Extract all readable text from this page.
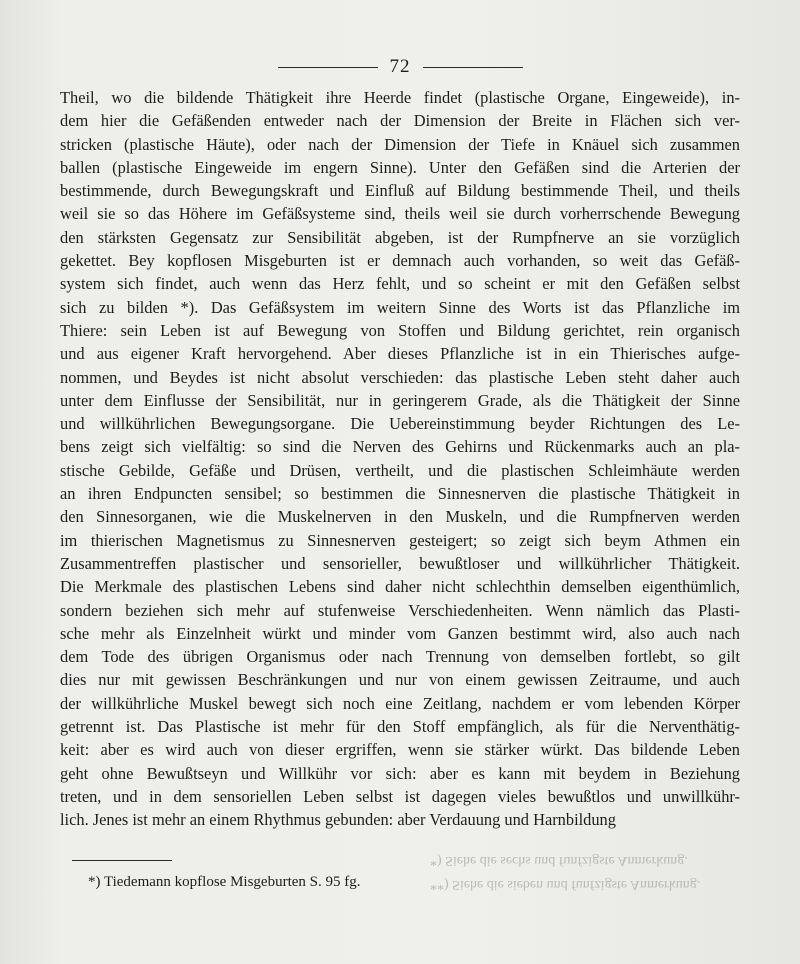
72
Theil, wo die bildende Thätigkeit ihre Heerde findet (plastische Organe, Eingeweide), in-
dem hier die Gefäßenden entweder nach der Dimension der Breite in Flächen sich ver-
stricken (plastische Häute), oder nach der Dimension der Tiefe in Knäuel sich zusammen
ballen (plastische Eingeweide im engern Sinne). Unter den Gefäßen sind die Arterien der
bestimmende, durch Bewegungskraft und Einfluß auf Bildung bestimmende Theil, und theils
weil sie so das Höhere im Gefäßsysteme sind, theils weil sie durch vorherrschende Bewegung
den stärksten Gegensatz zur Sensibilität abgeben, ist der Rumpfnerve an sie vorzüglich
gekettet. Bey kopflosen Misgeburten ist er demnach auch vorhanden, so weit das Gefäß-
system sich findet, auch wenn das Herz fehlt, und so scheint er mit den Gefäßen selbst
sich zu bilden *). Das Gefäßsystem im weitern Sinne des Worts ist das Pflanzliche im
Thiere: sein Leben ist auf Bewegung von Stoffen und Bildung gerichtet, rein organisch
und aus eigener Kraft hervorgehend. Aber dieses Pflanzliche ist in ein Thierisches aufge-
nommen, und Beydes ist nicht absolut verschieden: das plastische Leben steht daher auch
unter dem Einflusse der Sensibilität, nur in geringerem Grade, als die Thätigkeit der Sinne
und willkührlichen Bewegungsorgane. Die Uebereinstimmung beyder Richtungen des Le-
bens zeigt sich vielfältig: so sind die Nerven des Gehirns und Rückenmarks auch an pla-
stische Gebilde, Gefäße und Drüsen, vertheilt, und die plastischen Schleimhäute werden
an ihren Endpuncten sensibel; so bestimmen die Sinnesnerven die plastische Thätigkeit in
den Sinnesorganen, wie die Muskelnerven in den Muskeln, und die Rumpfnerven werden
im thierischen Magnetismus zu Sinnesnerven gesteigert; so zeigt sich beym Athmen ein
Zusammentreffen plastischer und sensorieller, bewußtloser und willkührlicher Thätigkeit.
Die Merkmale des plastischen Lebens sind daher nicht schlechthin demselben eigenthümlich,
sondern beziehen sich mehr auf stufenweise Verschiedenheiten. Wenn nämlich das Plasti-
sche mehr als Einzelnheit würkt und minder vom Ganzen bestimmt wird, also auch nach
dem Tode des übrigen Organismus oder nach Trennung von demselben fortlebt, so gilt
dies nur mit gewissen Beschränkungen und nur von einem gewissen Zeitraume, und auch
der willkührliche Muskel bewegt sich noch eine Zeitlang, nachdem er vom lebenden Körper
getrennt ist. Das Plastische ist mehr für den Stoff empfänglich, als für die Nerventhätig-
keit: aber es wird auch von dieser ergriffen, wenn sie stärker würkt. Das bildende Leben
geht ohne Bewußtseyn und Willkühr vor sich: aber es kann mit beydem in Beziehung
treten, und in dem sensoriellen Leben selbst ist dagegen vieles bewußtlos und unwillkühr-
lich. Jenes ist mehr an einem Rhythmus gebunden: aber Verdauung und Harnbildung
*) Siehe die sechs und funfzigste Anmerkung.
**) Siehe die sieben und funfzigste Anmerkung.
*) Tiedemann kopflose Misgeburten S. 95 fg.
